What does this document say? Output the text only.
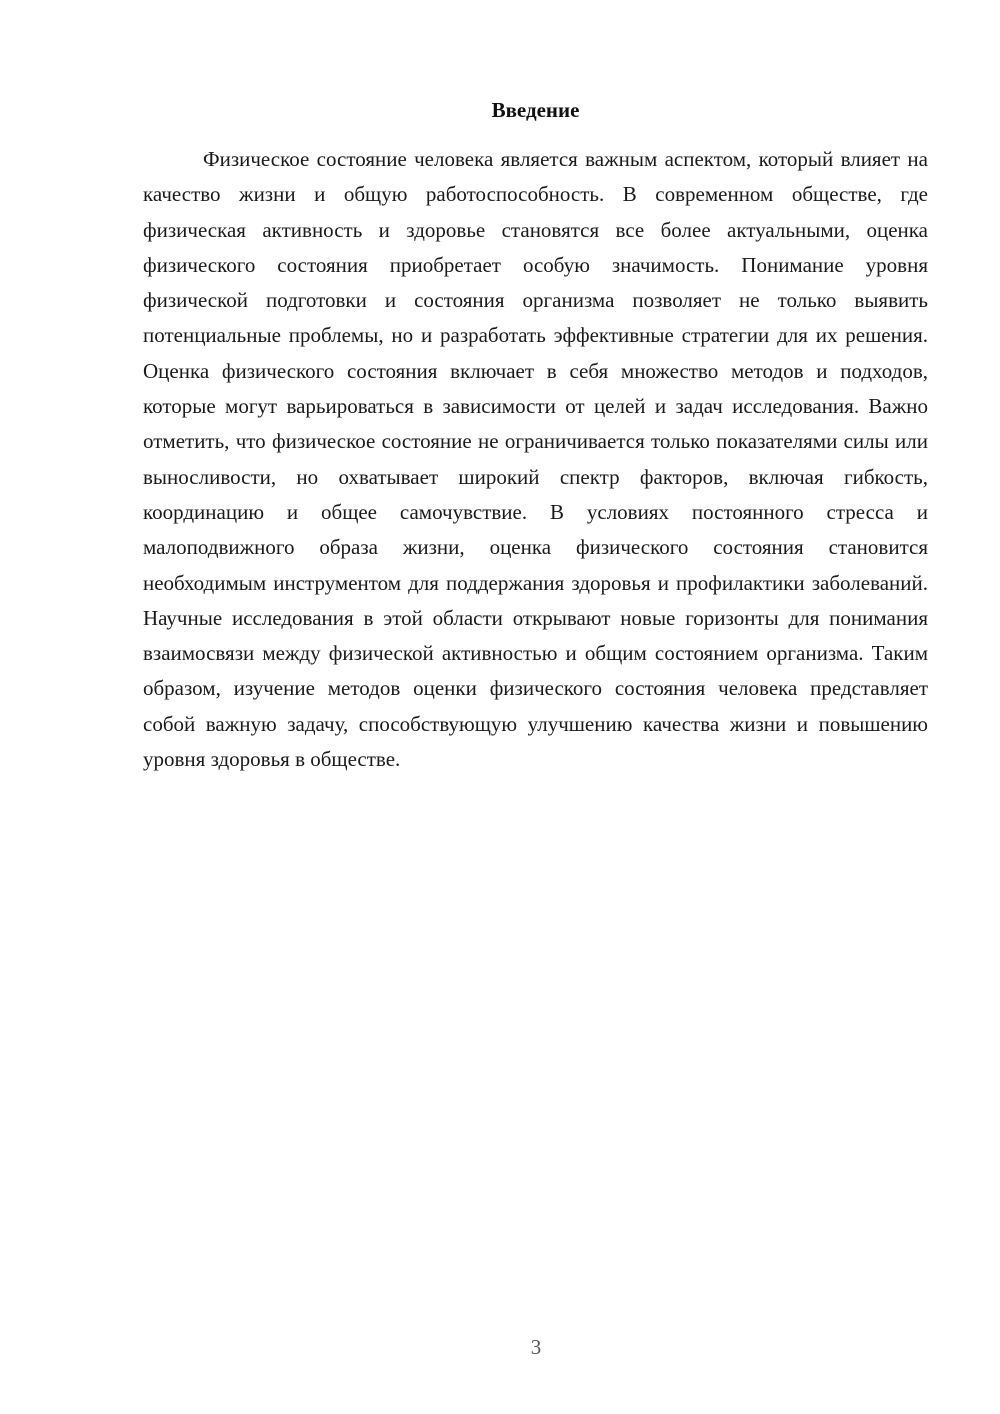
Введение

Физическое состояние человека является важным аспектом, который влияет на качество жизни и общую работоспособность. В современном обществе, где физическая активность и здоровье становятся все более актуальными, оценка физического состояния приобретает особую значимость. Понимание уровня физической подготовки и состояния организма позволяет не только выявить потенциальные проблемы, но и разработать эффективные стратегии для их решения. Оценка физического состояния включает в себя множество методов и подходов, которые могут варьироваться в зависимости от целей и задач исследования. Важно отметить, что физическое состояние не ограничивается только показателями силы или выносливости, но охватывает широкий спектр факторов, включая гибкость, координацию и общее самочувствие. В условиях постоянного стресса и малоподвижного образа жизни, оценка физического состояния становится необходимым инструментом для поддержания здоровья и профилактики заболеваний. Научные исследования в этой области открывают новые горизонты для понимания взаимосвязи между физической активностью и общим состоянием организма. Таким образом, изучение методов оценки физического состояния человека представляет собой важную задачу, способствующую улучшению качества жизни и повышению уровня здоровья в обществе.

3
